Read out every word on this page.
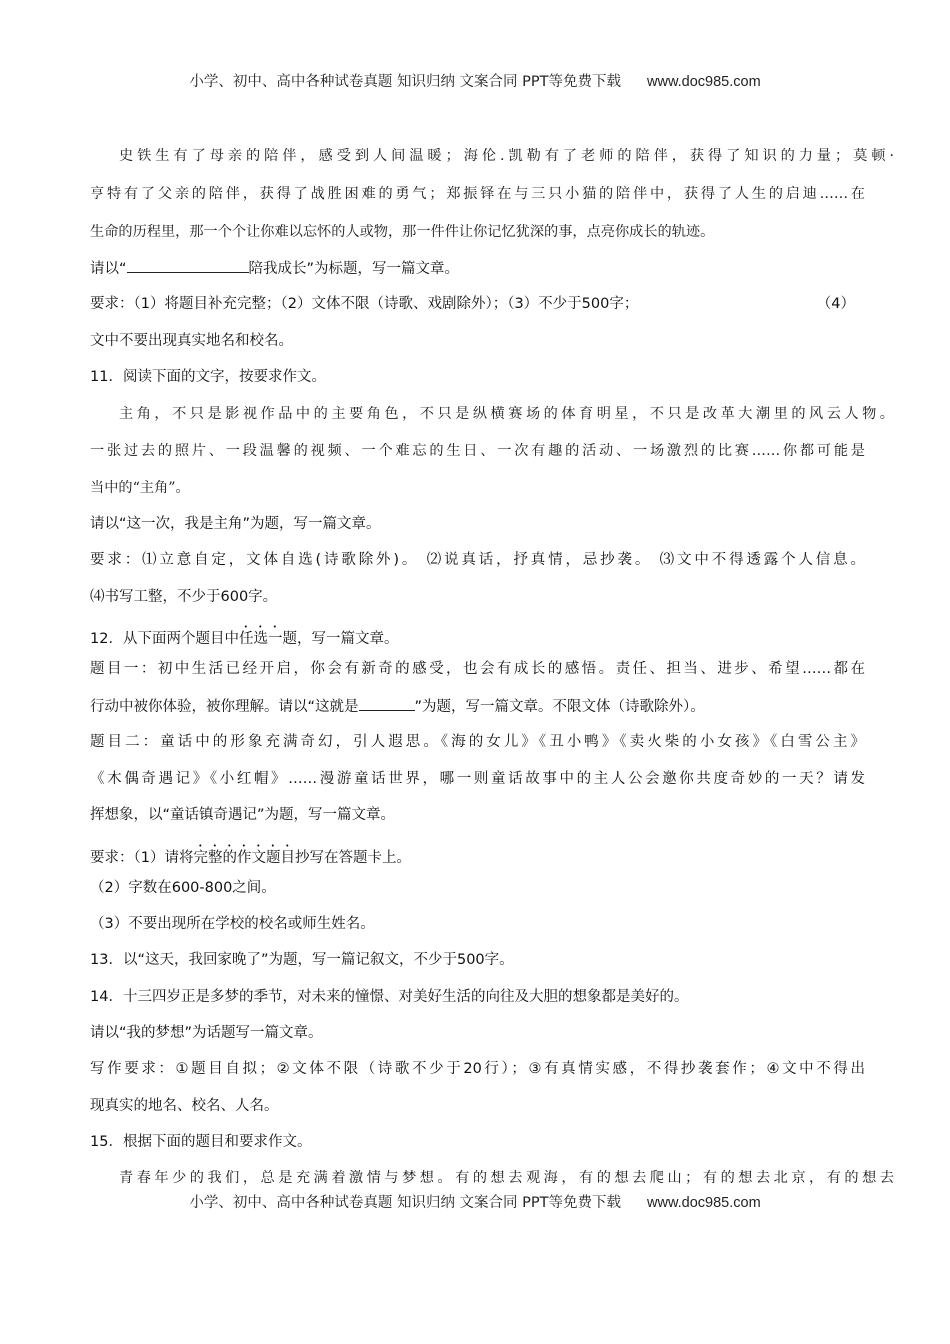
小学、初中、高中各种试卷真题 知识归纳 文案合同 PPT等免费下载 www.doc985.com
史铁生有了母亲的陪伴，感受到人间温暖；海伦.凯勒有了老师的陪伴，获得了知识的力量；莫顿·
亨特有了父亲的陪伴，获得了战胜困难的勇气；郑振铎在与三只小猫的陪伴中，获得了人生的启迪……在
生命的历程里，那一个个让你难以忘怀的人或物，那一件件让你记忆犹深的事，点亮你成长的轨迹。
请以“	陪我成长”为标题，写一篇文章。
要求：（1）将题目补充完整；（2）文体不限（诗歌、戏剧除外）；（3）不少于500字；	（4）
文中不要出现真实地名和校名。
11．阅读下面的文字，按要求作文。
主角，不只是影视作品中的主要角色，不只是纵横赛场的体育明星，不只是改革大潮里的风云人物。
一张过去的照片、一段温馨的视频、一个难忘的生日、一次有趣的活动、一场激烈的比赛……你都可能是
当中的“主角”。
请以“这一次，我是主角”为题，写一篇文章。
要求：⑴立意自定，文体自选(诗歌除外)。 ⑵说真话，抒真情，忌抄袭。 ⑶文中不得透露个人信息。
⑷书写工整，不少于600字。
12．从下面两个题目中任选一题，写一篇文章。
题目一：初中生活已经开启，你会有新奇的感受，也会有成长的感悟。责任、担当、进步、希望……都在
行动中被你体验，被你理解。请以“这就是	”为题，写一篇文章。不限文体（诗歌除外）。
题目二：童话中的形象充满奇幻，引人遐思。《海的女儿》《丑小鸭》《卖火柴的小女孩》《白雪公主》
《木偶奇遇记》《小红帽》……漫游童话世界，哪一则童话故事中的主人公会邀你共度奇妙的一天？请发
挥想象，以“童话镇奇遇记”为题，写一篇文章。
要求：（1）请将完整的作文题目抄写在答题卡上。
（2）字数在600-800之间。
（3）不要出现所在学校的校名或师生姓名。
13．以“这天，我回家晚了”为题，写一篇记叙文，不少于500字。
14．十三四岁正是多梦的季节，对未来的憧憬、对美好生活的向往及大胆的想象都是美好的。
请以“我的梦想”为话题写一篇文章。
写作要求：①题目自拟；②文体不限（诗歌不少于20行）；③有真情实感，不得抄袭套作；④文中不得出
现真实的地名、校名、人名。
15．根据下面的题目和要求作文。
青春年少的我们，总是充满着激情与梦想。有的想去观海，有的想去爬山；有的想去北京，有的想去
小学、初中、高中各种试卷真题 知识归纳 文案合同 PPT等免费下载 www.doc985.com
